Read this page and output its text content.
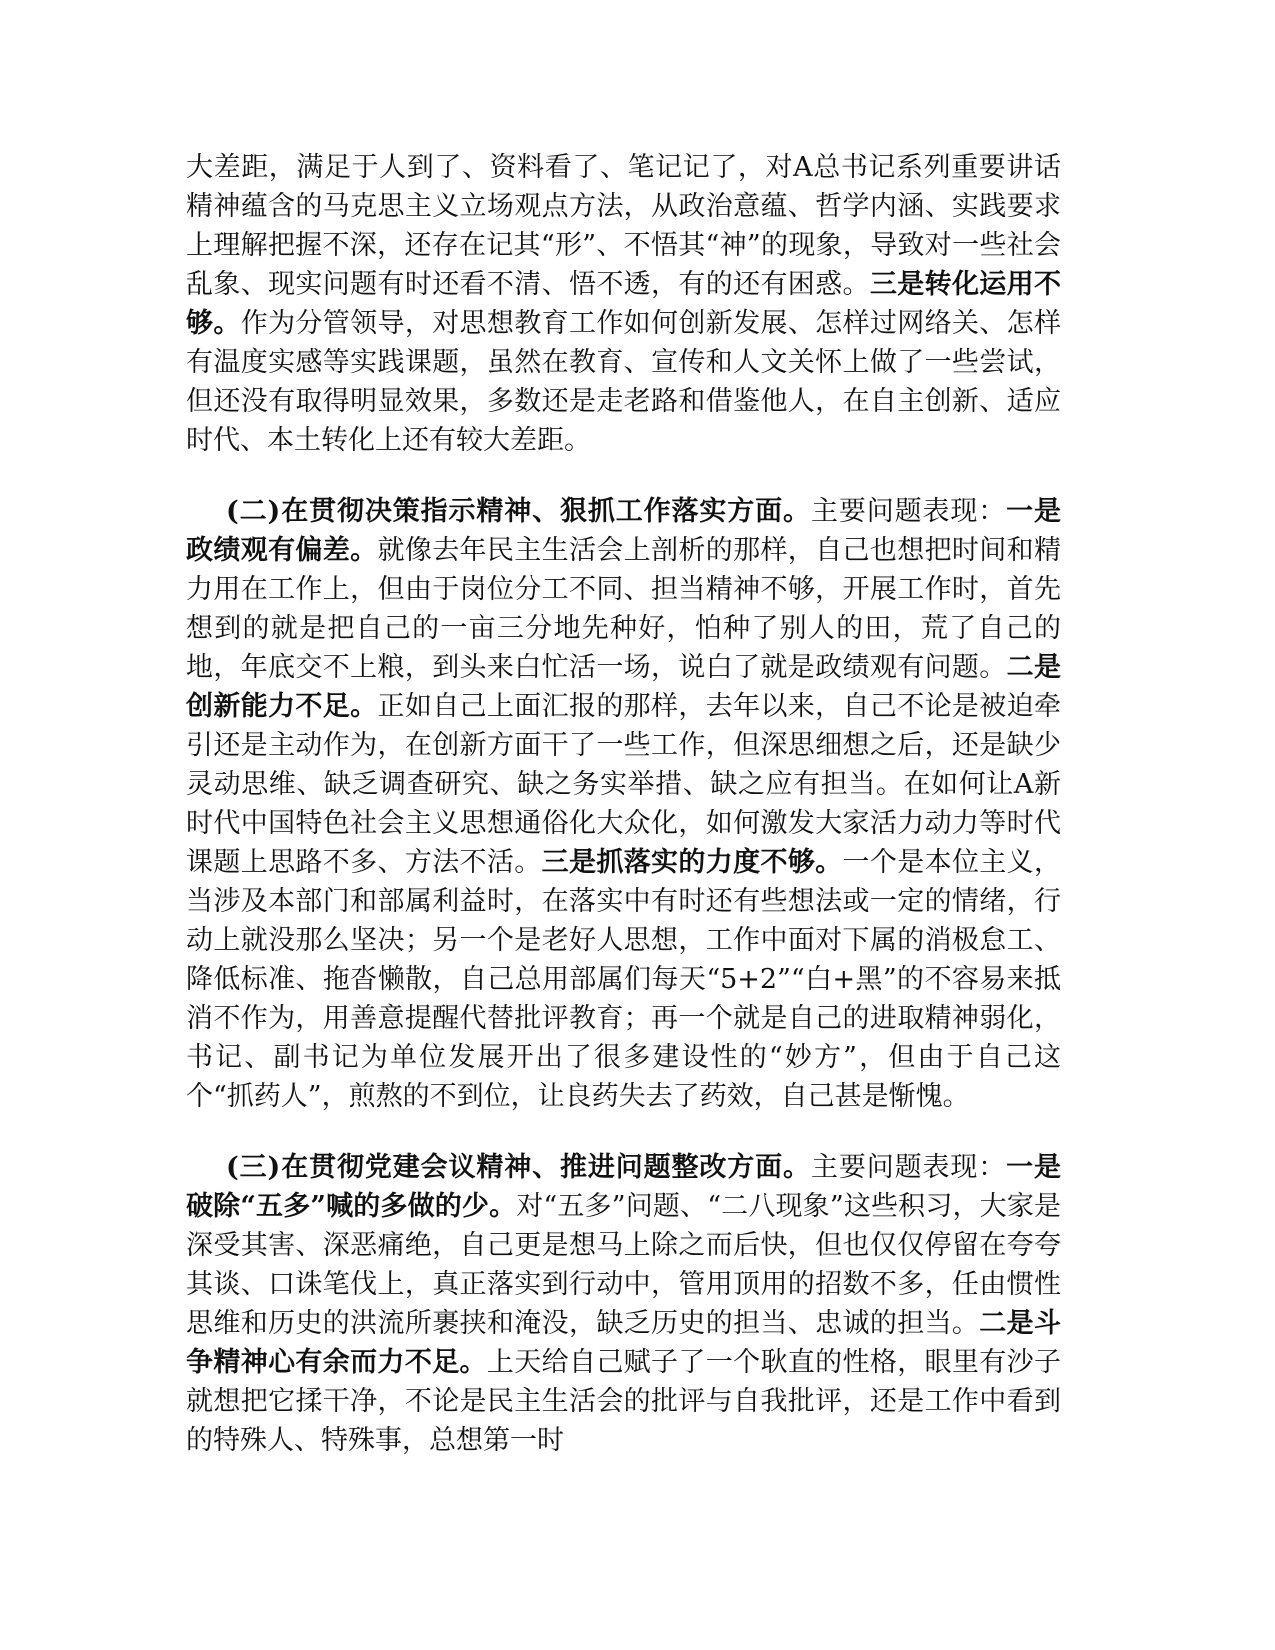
大差距，满足于人到了、资料看了、笔记记了，对A总书记系列重要讲话精神蕴含的马克思主义立场观点方法，从政治意蕴、哲学内涵、实践要求上理解把握不深，还存在记其“形”、不悟其“神”的现象，导致对一些社会乱象、现实问题有时还看不清、悟不透，有的还有困惑。三是转化运用不够。作为分管领导，对思想教育工作如何创新发展、怎样过网络关、怎样有温度实感等实践课题，虽然在教育、宣传和人文关怀上做了一些尝试，但还没有取得明显效果，多数还是走老路和借鉴他人，在自主创新、适应时代、本土转化上还有较大差距。

(二)在贯彻决策指示精神、狠抓工作落实方面。主要问题表现：一是政绩观有偏差。就像去年民主生活会上剖析的那样，自己也想把时间和精力用在工作上，但由于岗位分工不同、担当精神不够，开展工作时，首先想到的就是把自己的一亩三分地先种好，怕种了别人的田，荒了自己的地，年底交不上粮，到头来白忙活一场，说白了就是政绩观有问题。二是创新能力不足。正如自己上面汇报的那样，去年以来，自己不论是被迫牵引还是主动作为，在创新方面干了一些工作，但深思细想之后，还是缺少灵动思维、缺乏调查研究、缺之务实举措、缺之应有担当。在如何让A新时代中国特色社会主义思想通俗化大众化，如何激发大家活力动力等时代课题上思路不多、方法不活。三是抓落实的力度不够。一个是本位主义，当涉及本部门和部属利益时，在落实中有时还有些想法或一定的情绪，行动上就没那么坚决；另一个是老好人思想，工作中面对下属的消极怠工、降低标准、拖沓懒散，自己总用部属们每天“5+2”“白+黑”的不容易来抵消不作为，用善意提醒代替批评教育；再一个就是自己的进取精神弱化，书记、副书记为单位发展开出了很多建设性的“妙方”，但由于自己这个“抓药人”，煎熬的不到位，让良药失去了药效，自己甚是惭愧。

(三)在贯彻党建会议精神、推进问题整改方面。主要问题表现：一是破除“五多”喊的多做的少。对“五多”问题、“二八现象”这些积习，大家是深受其害、深恶痛绝，自己更是想马上除之而后快，但也仅仅停留在夸夸其谈、口诛笔伐上，真正落实到行动中，管用顶用的招数不多，任由惯性思维和历史的洪流所裹挟和淹没，缺乏历史的担当、忠诚的担当。二是斗争精神心有余而力不足。上天给自己赋子了一个耿直的性格，眼里有沙子就想把它揉干净，不论是民主生活会的批评与自我批评，还是工作中看到的特殊人、特殊事，总想第一时
